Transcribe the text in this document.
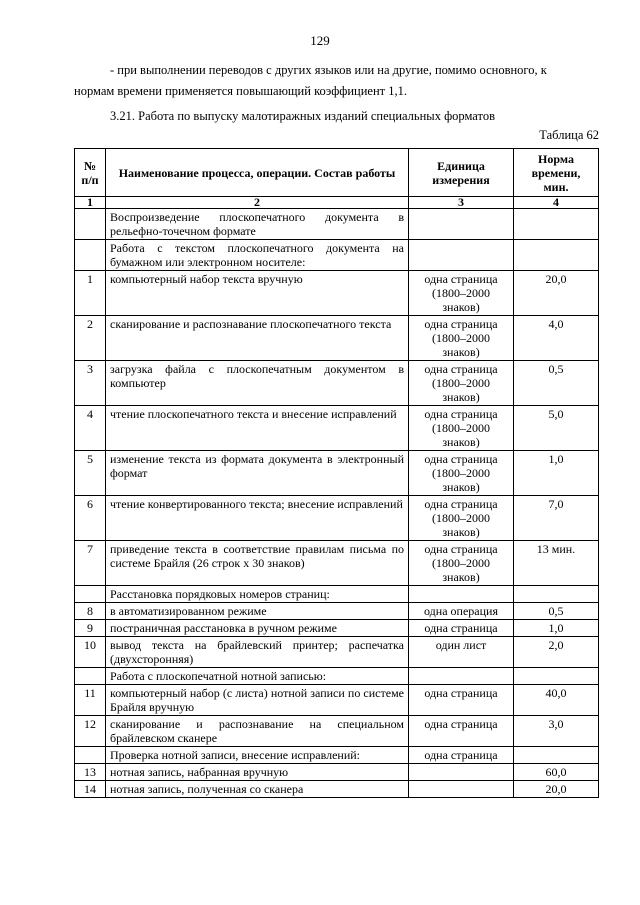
129
- при выполнении переводов с других языков или на другие, помимо основного, к
нормам времени применяется повышающий коэффициент 1,1.
3.21. Работа по выпуску малотиражных изданий специальных форматов
Таблица 62
№ п/п	Наименование процесса, операции. Состав работы	Единица измерения	Норма времени, мин.
1	2	3	4
	Воспроизведение плоскопечатного документа в рельефно-точечном формате		
	Работа с текстом плоскопечатного документа на бумажном или электронном носителе:		
1	компьютерный набор текста вручную	одна страница (1800–2000 знаков)	20,0
2	сканирование и распознавание плоскопечатного текста	одна страница (1800–2000 знаков)	4,0
3	загрузка файла с плоскопечатным документом в компьютер	одна страница (1800–2000 знаков)	0,5
4	чтение плоскопечатного текста и внесение исправлений	одна страница (1800–2000 знаков)	5,0
5	изменение текста из формата документа в электронный формат	одна страница (1800–2000 знаков)	1,0
6	чтение конвертированного текста; внесение исправлений	одна страница (1800–2000 знаков)	7,0
7	приведение текста в соответствие правилам письма по системе Брайля (26 строк х 30 знаков)	одна страница (1800–2000 знаков)	13 мин.
	Расстановка порядковых номеров страниц:		
8	в автоматизированном режиме	одна операция	0,5
9	постраничная расстановка в ручном режиме	одна страница	1,0
10	вывод текста на брайлевский принтер; распечатка (двухсторонняя)	один лист	2,0
	Работа с плоскопечатной нотной записью:		
11	компьютерный набор (с листа) нотной записи по системе Брайля вручную	одна страница	40,0
12	сканирование и распознавание на специальном брайлевском сканере	одна страница	3,0
	Проверка нотной записи, внесение исправлений:	одна страница	
13	нотная запись, набранная вручную		60,0
14	нотная запись, полученная со сканера		20,0
